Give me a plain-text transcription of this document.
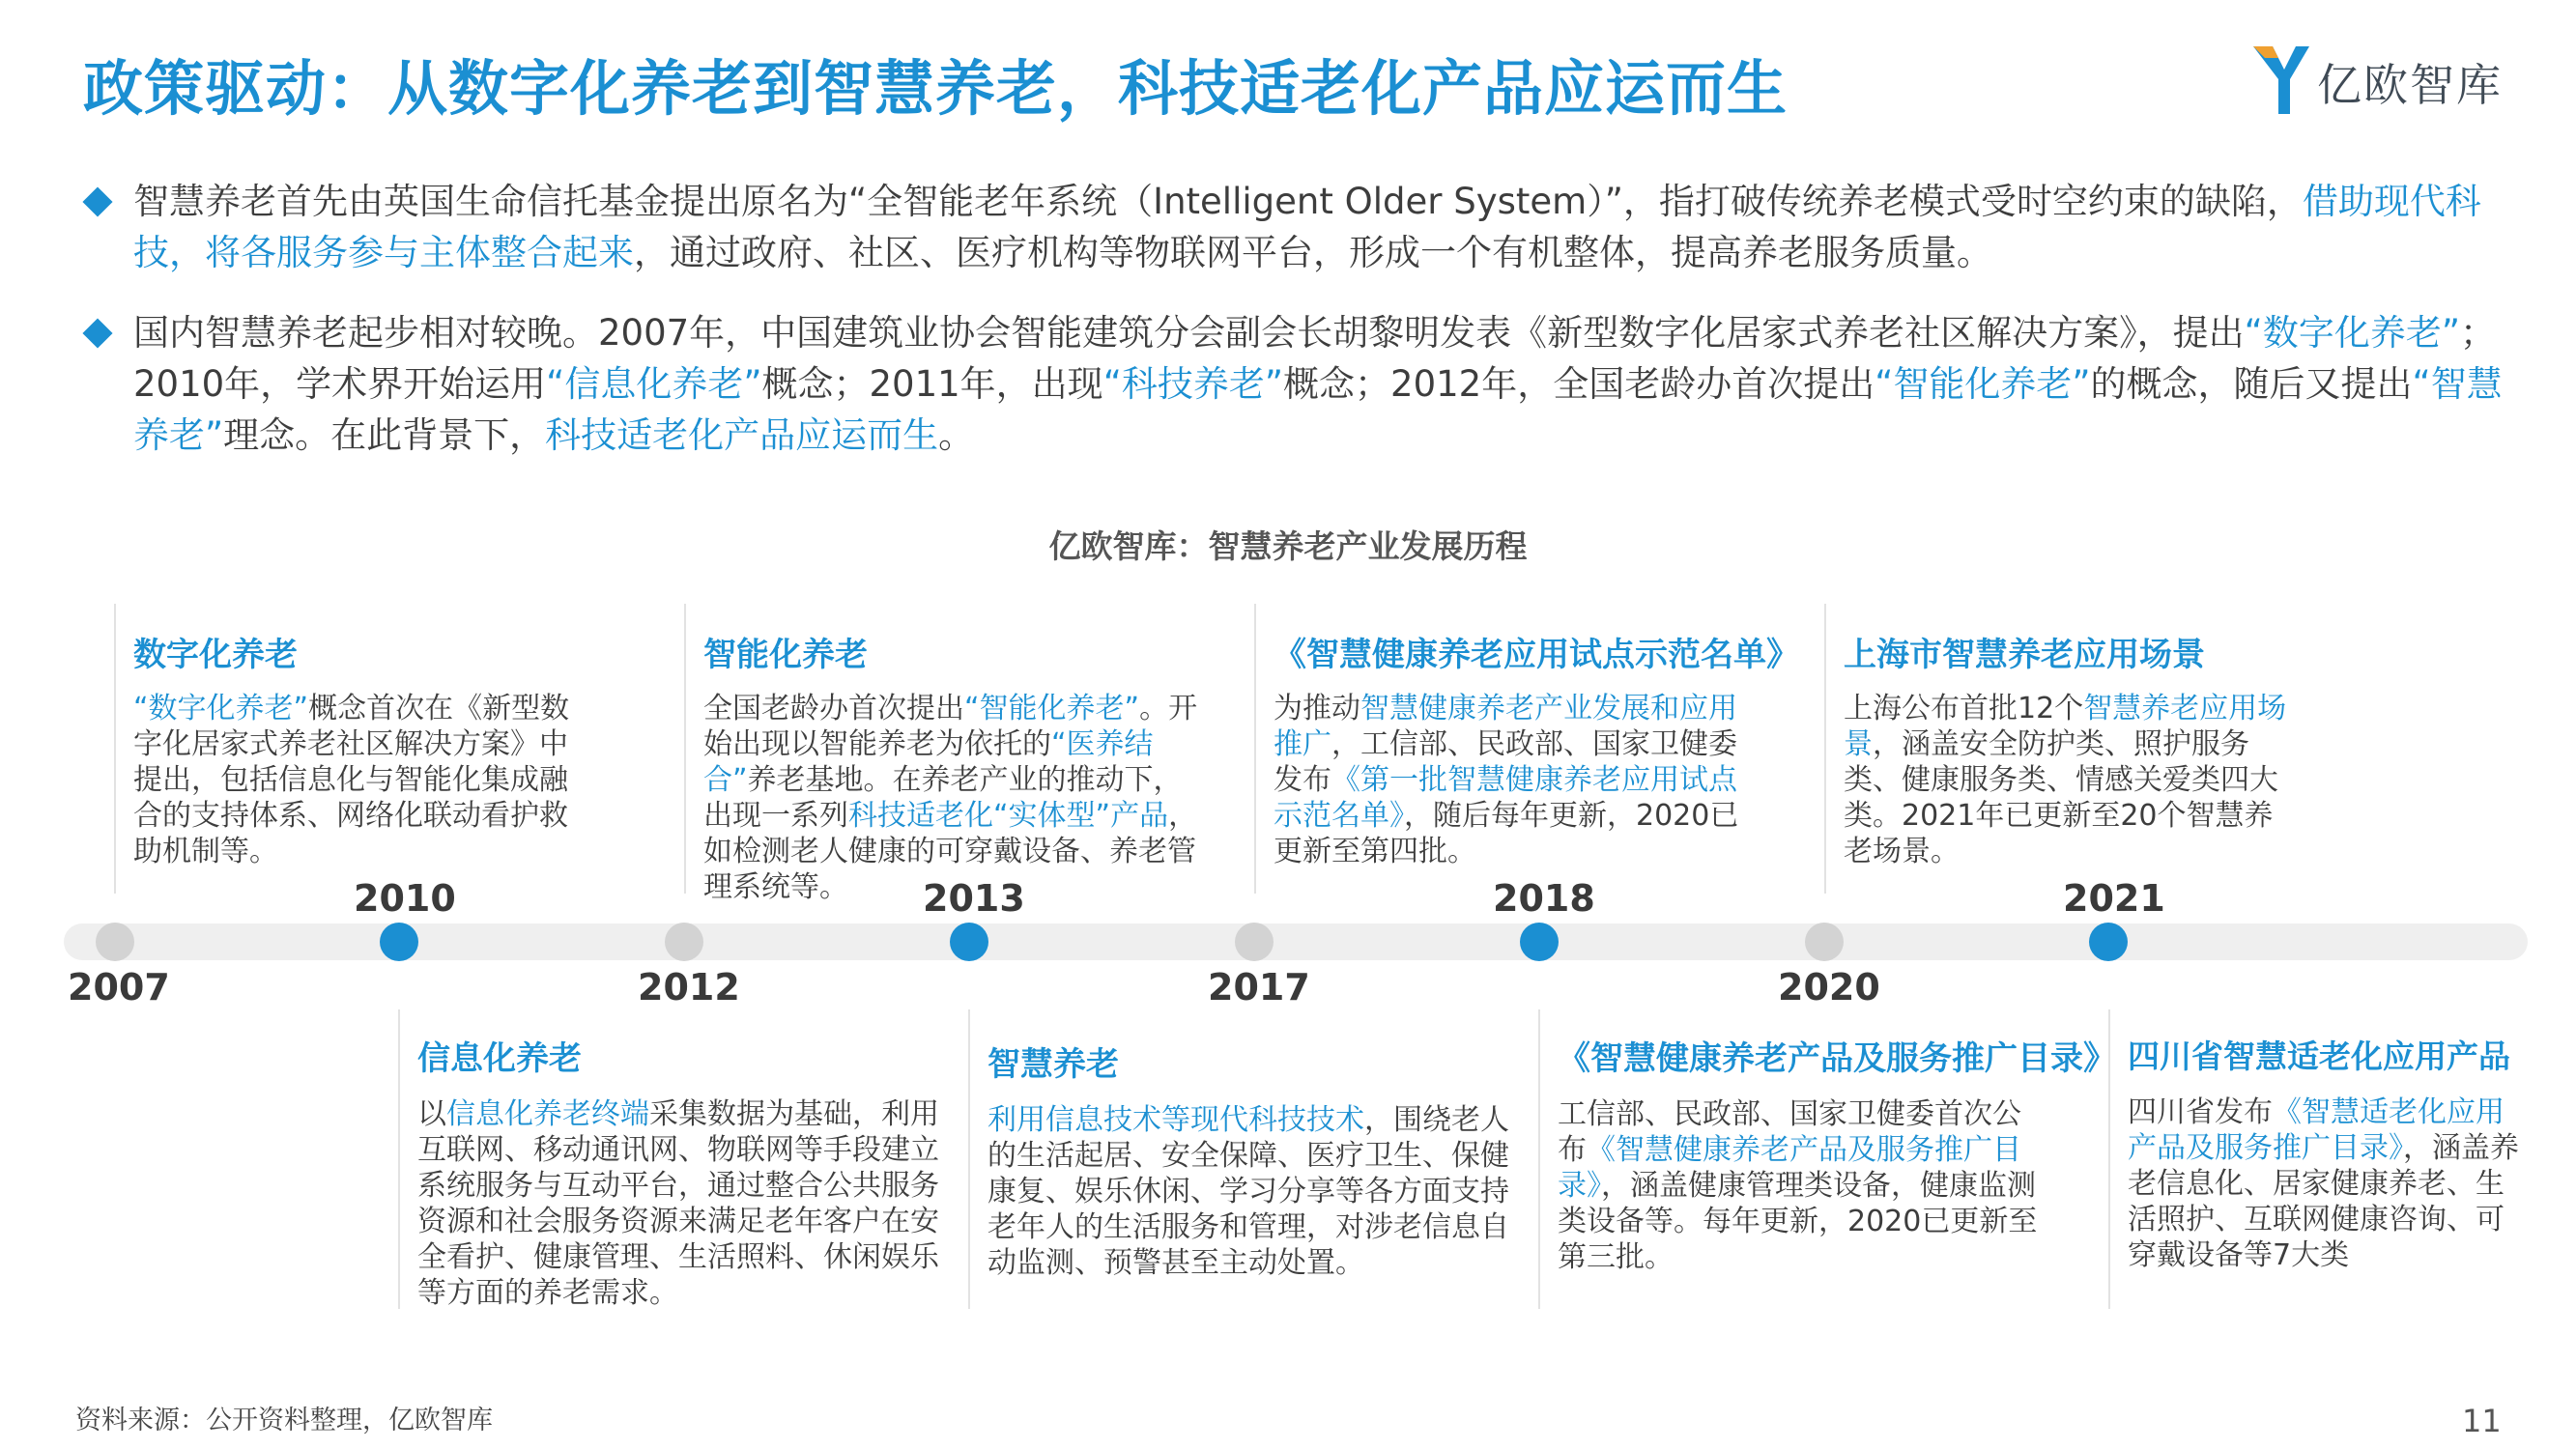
政策驱动：从数字化养老到智慧养老，科技适老化产品应运而生	亿欧智库
智慧养老首先由英国生命信托基金提出原名为“全智能老年系统（Intelligent Older System）”，指打破传统养老模式受时空约束的缺陷，借助现代科技，将各服务参与主体整合起来，通过政府、社区、医疗机构等物联网平台，形成一个有机整体，提高养老服务质量。
国内智慧养老起步相对较晚。2007年，中国建筑业协会智能建筑分会副会长胡黎明发表《新型数字化居家式养老社区解决方案》，提出“数字化养老”；2010年，学术界开始运用“信息化养老”概念；2011年，出现“科技养老”概念；2012年，全国老龄办首次提出“智能化养老”的概念，随后又提出“智慧养老”理念。在此背景下，科技适老化产品应运而生。
亿欧智库：智慧养老产业发展历程
2007
2010
2012
2013
2017
2018
2020
2021
数字化养老
“数字化养老”概念首次在《新型数字化居家式养老社区解决方案》中提出，包括信息化与智能化集成融合的支持体系、网络化联动看护救助机制等。
智能化养老
全国老龄办首次提出“智能化养老”。开始出现以智能养老为依托的“医养结合”养老基地。在养老产业的推动下，出现一系列科技适老化“实体型”产品，如检测老人健康的可穿戴设备、养老管理系统等。
《智慧健康养老应用试点示范名单》
为推动智慧健康养老产业发展和应用推广，工信部、民政部、国家卫健委发布《第一批智慧健康养老应用试点示范名单》，随后每年更新，2020已更新至第四批。
上海市智慧养老应用场景
上海公布首批12个智慧养老应用场景，涵盖安全防护类、照护服务类、健康服务类、情感关爱类四大类。2021年已更新至20个智慧养老场景。
信息化养老
以信息化养老终端采集数据为基础，利用互联网、移动通讯网、物联网等手段建立系统服务与互动平台，通过整合公共服务资源和社会服务资源来满足老年客户在安全看护、健康管理、生活照料、休闲娱乐等方面的养老需求。
智慧养老
利用信息技术等现代科技技术，围绕老人的生活起居、安全保障、医疗卫生、保健康复、娱乐休闲、学习分享等各方面支持老年人的生活服务和管理，对涉老信息自动监测、预警甚至主动处置。
《智慧健康养老产品及服务推广目录》
工信部、民政部、国家卫健委首次公布《智慧健康养老产品及服务推广目录》，涵盖健康管理类设备，健康监测类设备等。每年更新，2020已更新至第三批。
四川省智慧适老化应用产品
四川省发布《智慧适老化应用产品及服务推广目录》，涵盖养老信息化、居家健康养老、生活照护、互联网健康咨询、可穿戴设备等7大类
资料来源：公开资料整理，亿欧智库	11
